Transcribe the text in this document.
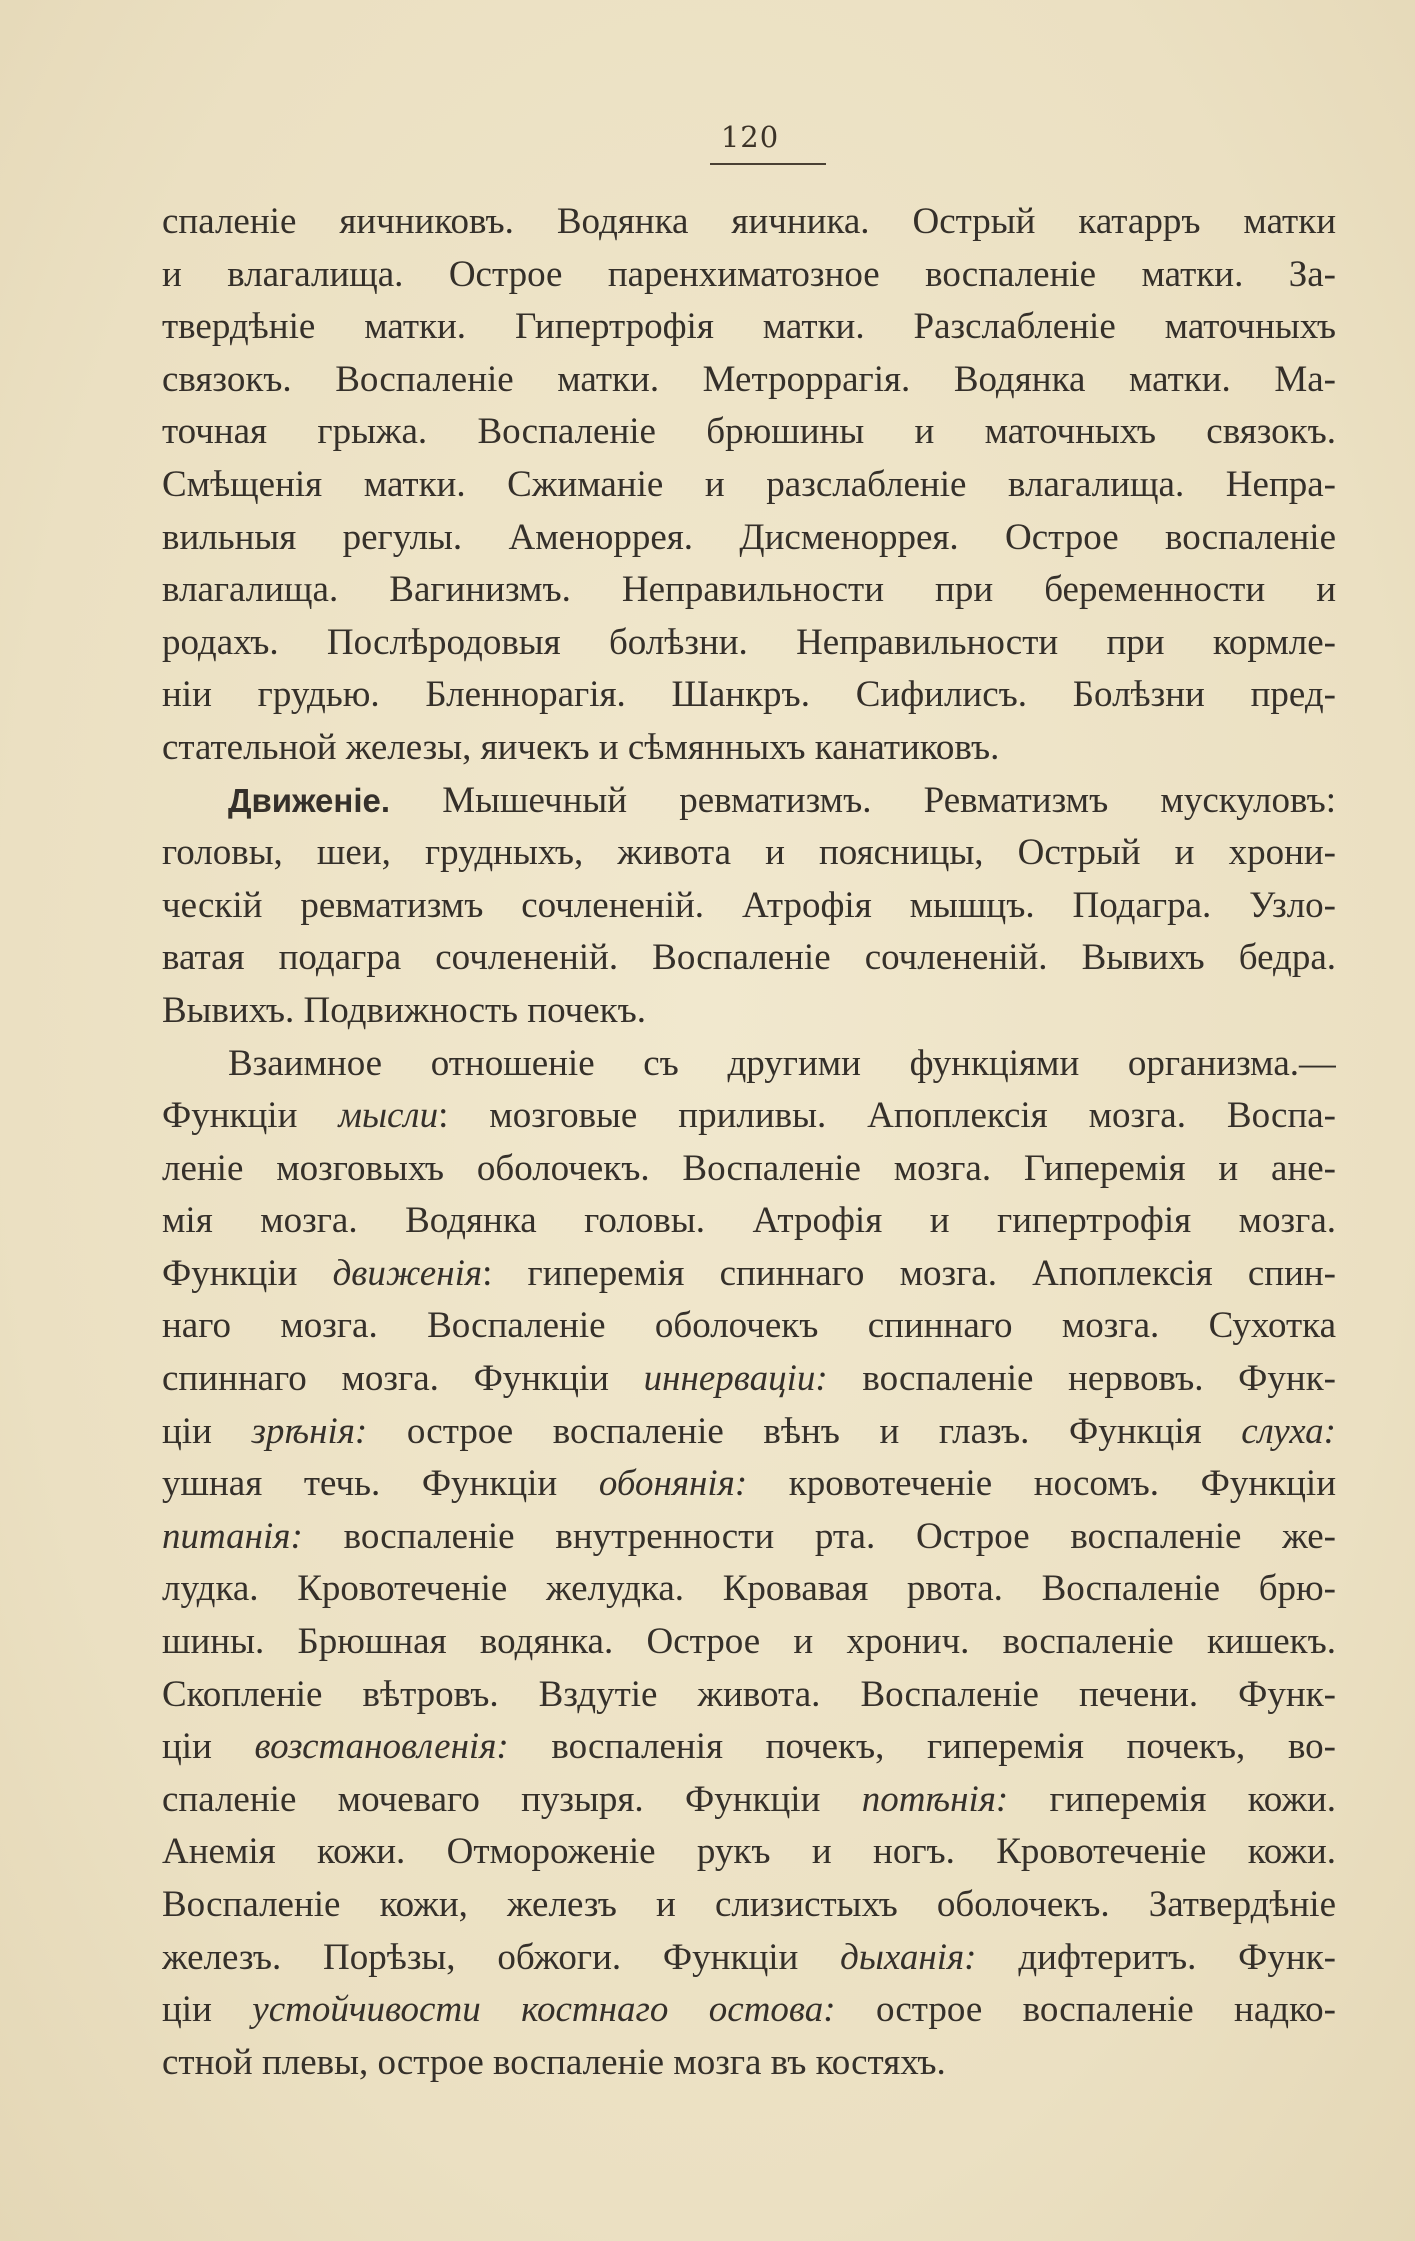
120
спаленіе яичниковъ. Водянка яичника. Острый катарръ матки
и влагалища. Острое паренхиматозное воспаленіе матки. За-
твердѣніе матки. Гипертрофія матки. Разслабленіе маточныхъ
связокъ. Воспаленіе матки. Метроррагія. Водянка матки. Ма-
точная грыжа. Воспаленіе брюшины и маточныхъ связокъ.
Смѣщенія матки. Сжиманіе и разслабленіе влагалища. Непра-
вильныя регулы. Аменоррея. Дисменоррея. Острое воспаленіе
влагалища. Вагинизмъ. Неправильности при беременности и
родахъ. Послѣродовыя болѣзни. Неправильности при кормле-
ніи грудью. Бленнорагія. Шанкръ. Сифилисъ. Болѣзни пред-
стательной железы, яичекъ и сѣмянныхъ канатиковъ.
Движеніе. Мышечный ревматизмъ. Ревматизмъ мускуловъ:
головы, шеи, грудныхъ, живота и поясницы, Острый и хрони-
ческій ревматизмъ сочлененій. Атрофія мышцъ. Подагра. Узло-
ватая подагра сочлененій. Воспаленіе сочлененій. Вывихъ бедра.
Вывихъ. Подвижность почекъ.
Взаимное отношеніе съ другими функціями организма.—
Функціи мысли: мозговые приливы. Апоплексія мозга. Воспа-
леніе мозговыхъ оболочекъ. Воспаленіе мозга. Гиперемія и ане-
мія мозга. Водянка головы. Атрофія и гипертрофія мозга.
Функціи движенія: гиперемія спиннаго мозга. Апоплексія спин-
наго мозга. Воспаленіе оболочекъ спиннаго мозга. Сухотка
спиннаго мозга. Функціи иннерваціи: воспаленіе нервовъ. Функ-
ціи зрѣнія: острое воспаленіе вѣнъ и глазъ. Функція слуха:
ушная течь. Функціи обонянія: кровотеченіе носомъ. Функціи
питанія: воспаленіе внутренности рта. Острое воспаленіе же-
лудка. Кровотеченіе желудка. Кровавая рвота. Воспаленіе брю-
шины. Брюшная водянка. Острое и хронич. воспаленіе кишекъ.
Скопленіе вѣтровъ. Вздутіе живота. Воспаленіе печени. Функ-
ціи возстановленія: воспаленія почекъ, гиперемія почекъ, во-
спаленіе мочеваго пузыря. Функціи потѣнія: гиперемія кожи.
Анемія кожи. Отмороженіе рукъ и ногъ. Кровотеченіе кожи.
Воспаленіе кожи, железъ и слизистыхъ оболочекъ. Затвердѣніе
железъ. Порѣзы, обжоги. Функціи дыханія: дифтеритъ. Функ-
ціи устойчивости костнаго остова: острое воспаленіе надко-
стной плевы, острое воспаленіе мозга въ костяхъ.
